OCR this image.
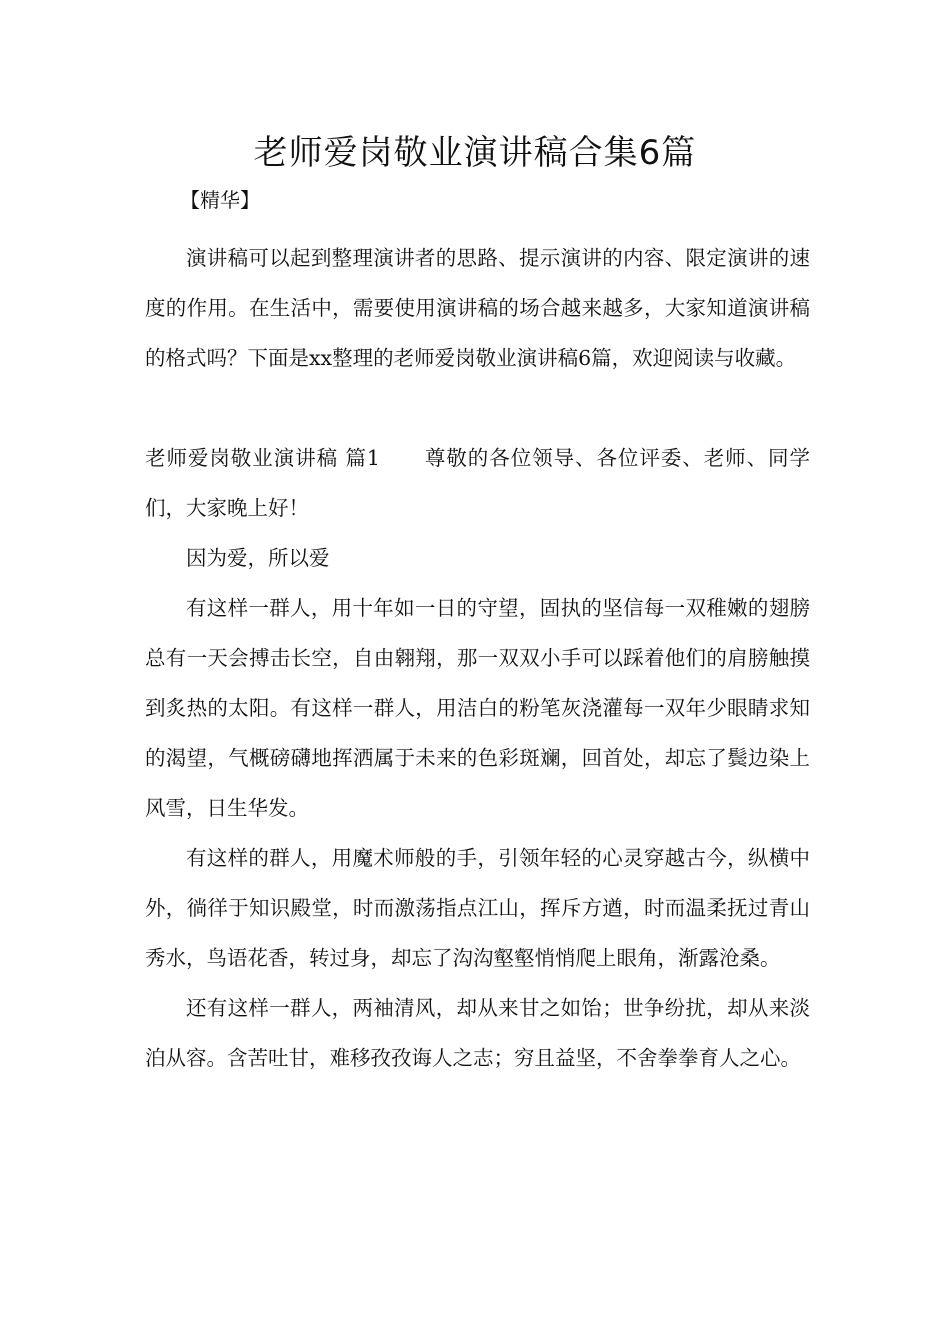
老师爱岗敬业演讲稿合集6篇
【精华】

演讲稿可以起到整理演讲者的思路、提示演讲的内容、限定演讲的速度的作用。在生活中，需要使用演讲稿的场合越来越多，大家知道演讲稿的格式吗？下面是xx整理的老师爱岗敬业演讲稿6篇，欢迎阅读与收藏。

老师爱岗敬业演讲稿 篇1 尊敬的各位领导、各位评委、老师、同学们，大家晚上好！

因为爱，所以爱

有这样一群人，用十年如一日的守望，固执的坚信每一双稚嫩的翅膀总有一天会搏击长空，自由翱翔，那一双双小手可以踩着他们的肩膀触摸到炙热的太阳。有这样一群人，用洁白的粉笔灰浇灌每一双年少眼睛求知的渴望，气概磅礴地挥洒属于未来的色彩斑斓，回首处，却忘了鬓边染上风雪，日生华发。

有这样的群人，用魔术师般的手，引领年轻的心灵穿越古今，纵横中外，徜徉于知识殿堂，时而激荡指点江山，挥斥方遒，时而温柔抚过青山秀水，鸟语花香，转过身，却忘了沟沟壑壑悄悄爬上眼角，渐露沧桑。

还有这样一群人，两袖清风，却从来甘之如饴；世争纷扰，却从来淡泊从容。含苦吐甘，难移孜孜诲人之志；穷且益坚，不舍拳拳育人之心。
